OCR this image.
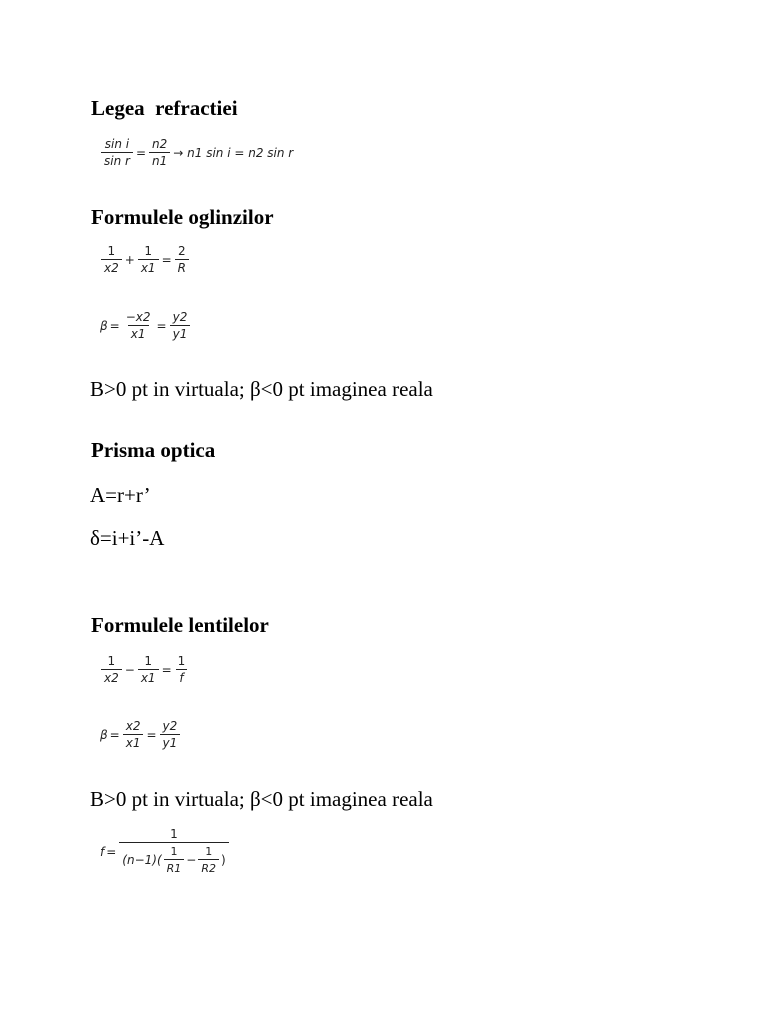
Legea  refractiei
$\frac{\text{sin i}}{\text{sin r}} = \frac{n2}{n1} \to n1$ sin i = n2 sin r
Formulele oglinzilor
$\frac{1}{x2} + \frac{1}{x1} = \frac{2}{R}$
$\beta = \frac{-x2}{x1} = \frac{y2}{y1}$
B>0 pt in virtuala; β<0 pt imaginea reala
Prisma optica
A=r+r’
δ=i+i’-A
Formulele lentilelor
$\frac{1}{x2} - \frac{1}{x1} = \frac{1}{f}$
$\beta = \frac{x2}{x1} = \frac{y2}{y1}$
B>0 pt in virtuala; β<0 pt imaginea reala
f =
1
$(n-1)( \frac{1}{R1} - \frac{1}{R2}$ )
